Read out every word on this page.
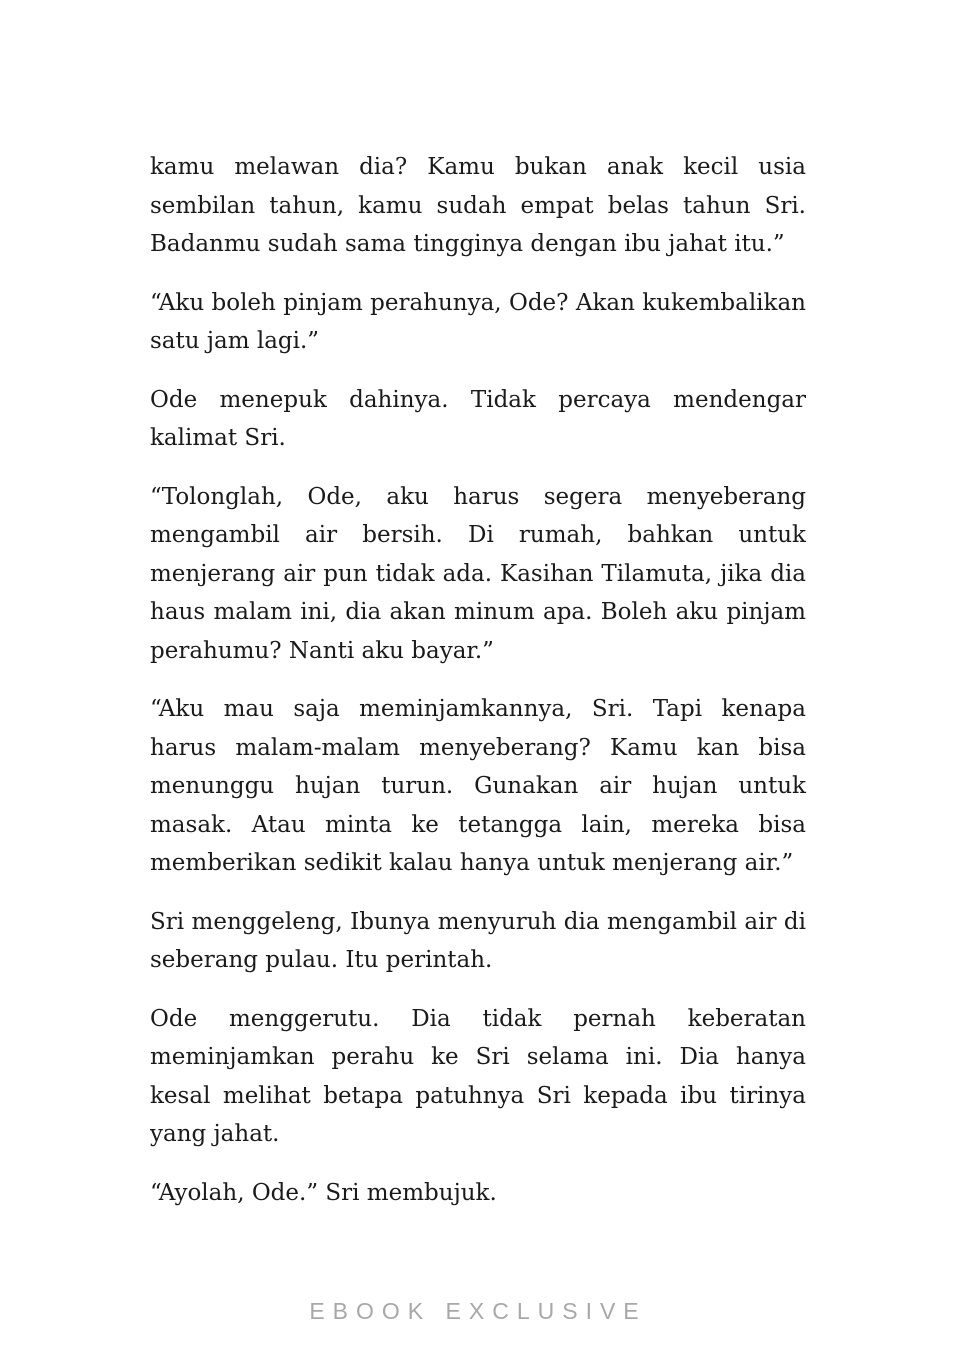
kamu melawan dia? Kamu bukan anak kecil usia sembilan tahun, kamu sudah empat belas tahun Sri. Badanmu sudah sama tingginya dengan ibu jahat itu.”

“Aku boleh pinjam perahunya, Ode? Akan kukembalikan satu jam lagi.”

Ode menepuk dahinya. Tidak percaya mendengar kalimat Sri.

“Tolonglah, Ode, aku harus segera menyeberang mengambil air bersih. Di rumah, bahkan untuk menjerang air pun tidak ada. Kasihan Tilamuta, jika dia haus malam ini, dia akan minum apa. Boleh aku pinjam perahumu? Nanti aku bayar.”

“Aku mau saja meminjamkannya, Sri. Tapi kenapa harus malam-malam menyeberang? Kamu kan bisa menunggu hujan turun. Gunakan air hujan untuk masak. Atau minta ke tetangga lain, mereka bisa memberikan sedikit kalau hanya untuk menjerang air.”

Sri menggeleng, Ibunya menyuruh dia mengambil air di seberang pulau. Itu perintah.

Ode menggerutu. Dia tidak pernah keberatan meminjamkan perahu ke Sri selama ini. Dia hanya kesal melihat betapa patuhnya Sri kepada ibu tirinya yang jahat.

“Ayolah, Ode.” Sri membujuk.

EBOOK EXCLUSIVE
